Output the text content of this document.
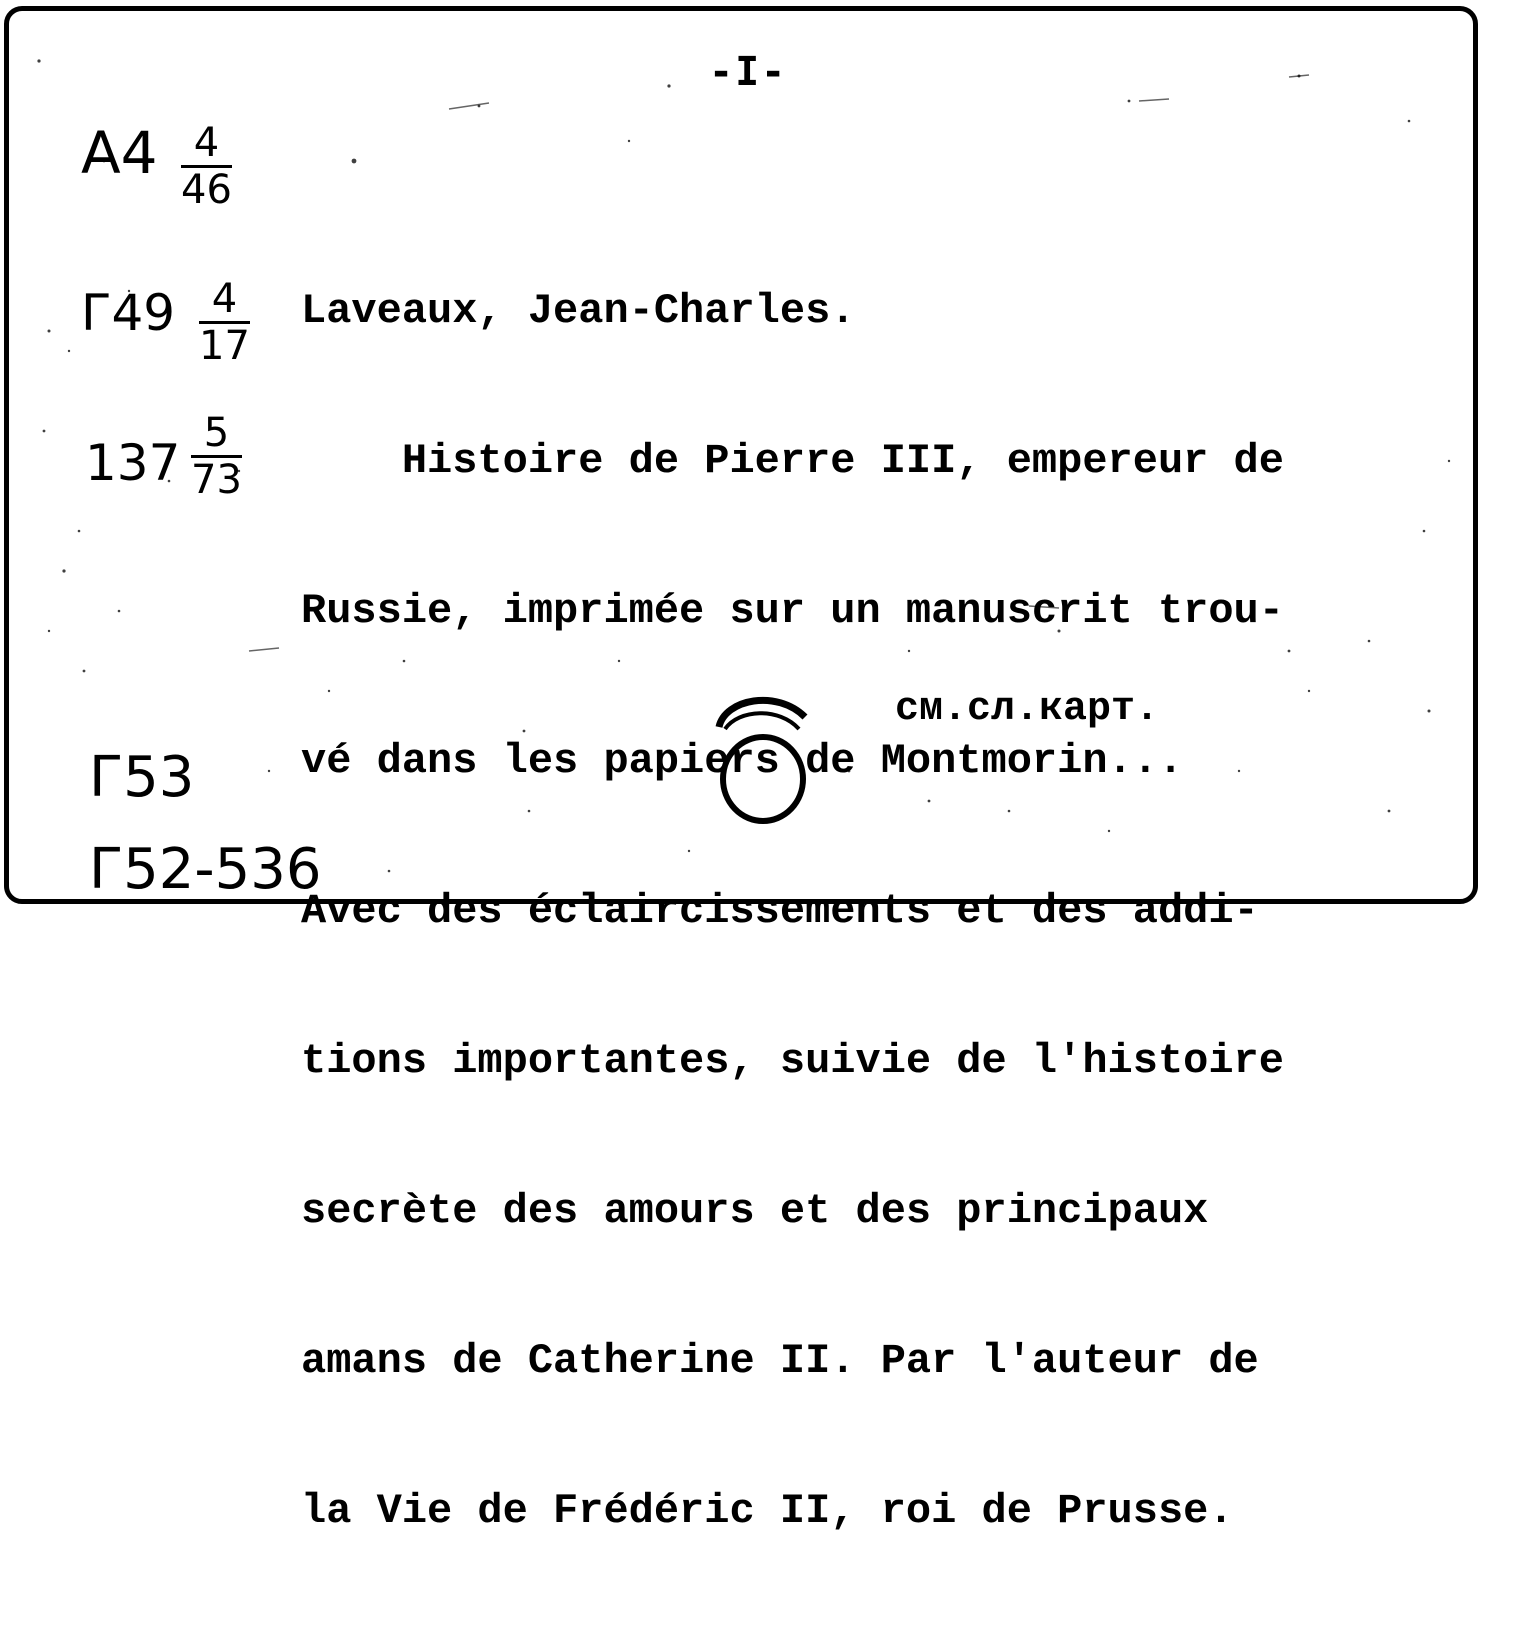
-I-
$A4 \frac{4}{46}$
$Г49 \frac{4}{17}$
$137 \frac{5}{73}$

Laveaux, Jean-Charles.

Histoire de Pierre III, empereur de

Russie, imprimée sur un manuscrit trou-

vé dans les papiers de Montmorin...

Avec des éclaircissements et des addi-

tions importantes, suivie de l'histoire

secrète des amours et des principaux

amans de Catherine II. Par l'auteur de

la Vie de Frédéric II, roi de Prusse.

см.сл.карт.
Г53
Г52-536
